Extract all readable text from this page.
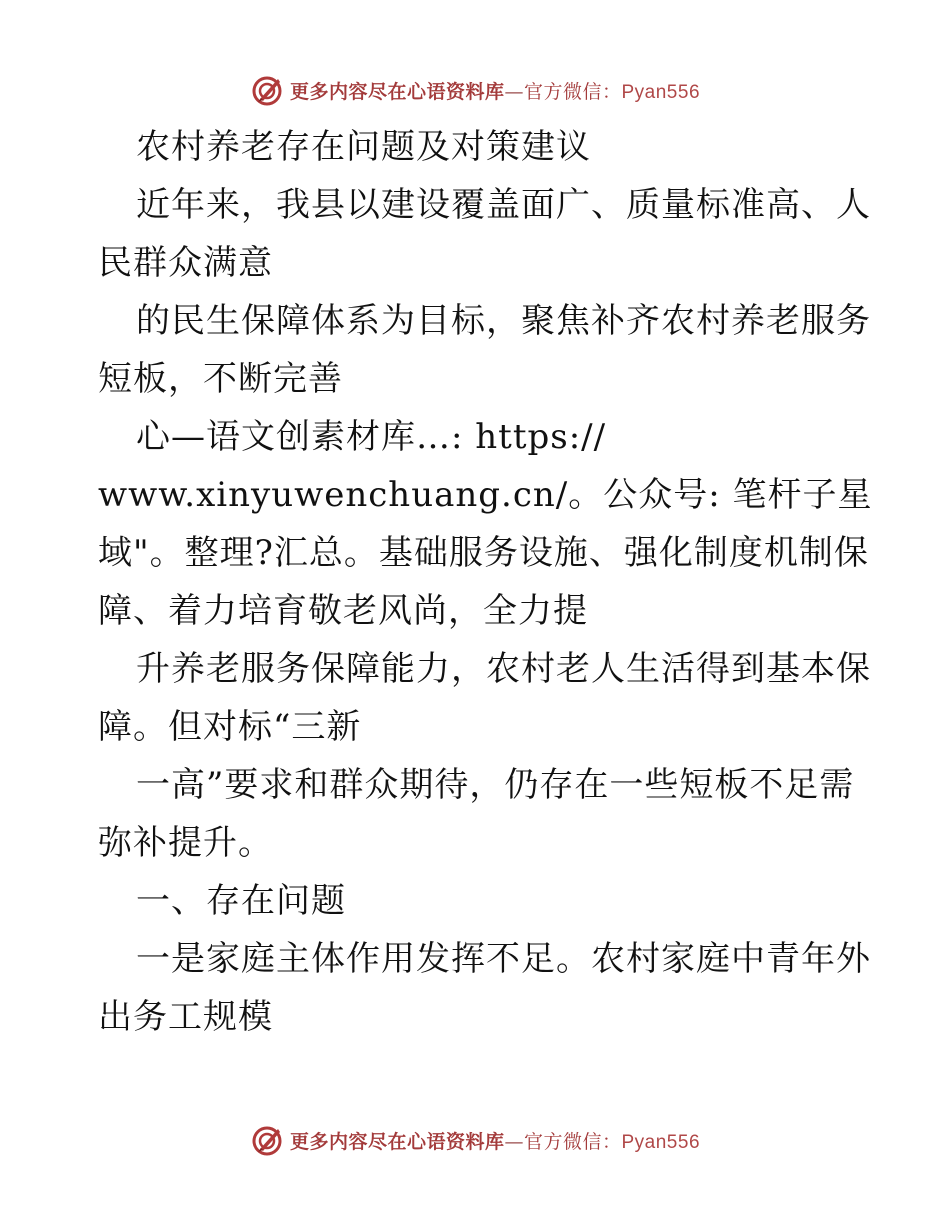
更多内容尽在心语资料库—官方微信：Pyan556
农村养老存在问题及对策建议
近年来，我县以建设覆盖面广、质量标准高、人
民群众满意
的民生保障体系为目标，聚焦补齐农村养老服务
短板，不断完善
心—语文创素材库…: https://
www.xinyuwenchuang.cn/。公众号: 笔杆子星
域"。整理?汇总。基础服务设施、强化制度机制保
障、着力培育敬老风尚，全力提
升养老服务保障能力，农村老人生活得到基本保
障。但对标“三新
一高”要求和群众期待，仍存在一些短板不足需
弥补提升。
一、存在问题
一是家庭主体作用发挥不足。农村家庭中青年外
出务工规模
更多内容尽在心语资料库—官方微信：Pyan556
